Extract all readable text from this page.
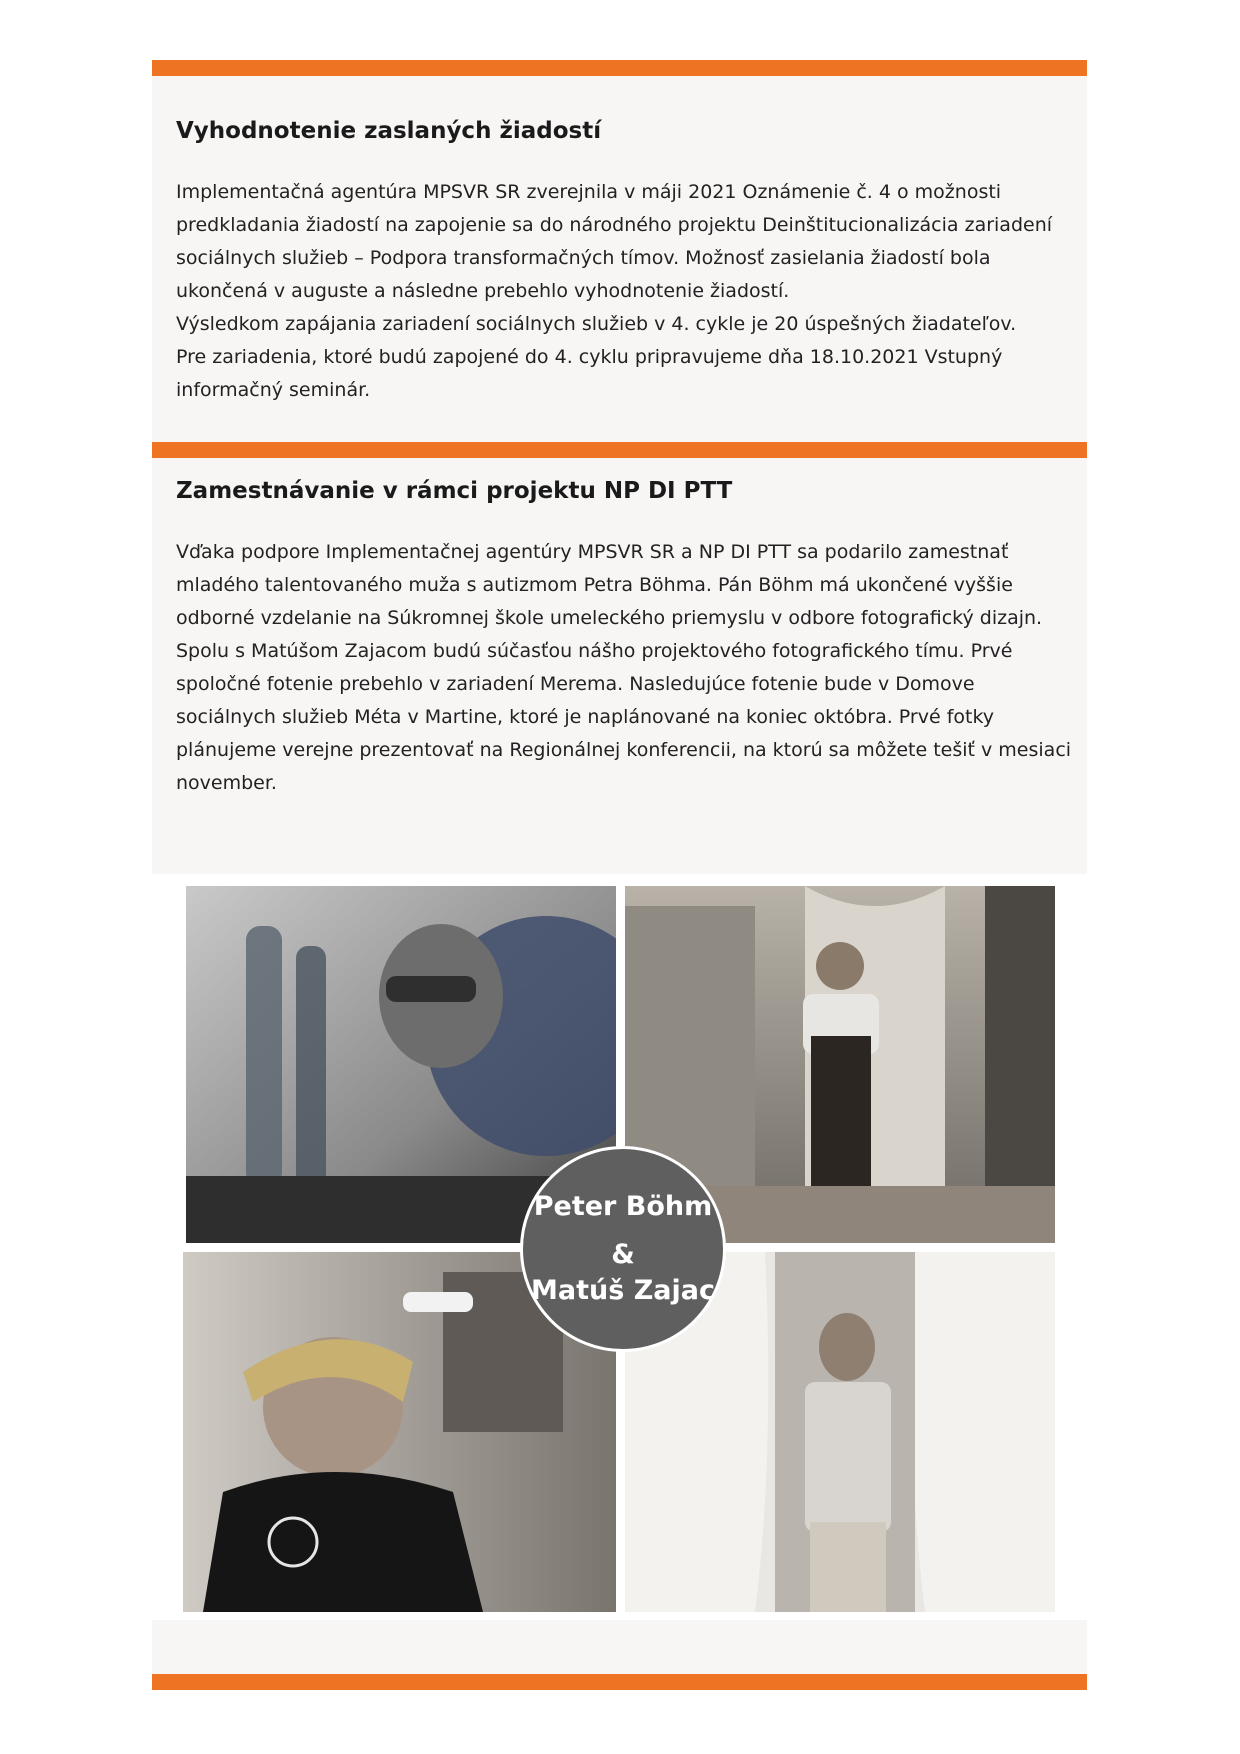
Vyhodnotenie zaslaných žiadostí

Implementačná agentúra MPSVR SR zverejnila v máji 2021 Oznámenie č. 4 o možnosti predkladania žiadostí na zapojenie sa do národného projektu Deinštitucionalizácia zariadení sociálnych služieb – Podpora transformačných tímov. Možnosť zasielania žiadostí bola ukončená v auguste a následne prebehlo vyhodnotenie žiadostí.

Výsledkom zapájania zariadení sociálnych služieb v 4. cykle je 20 úspešných žiadateľov.

Pre zariadenia, ktoré budú zapojené do 4. cyklu pripravujeme dňa 18.10.2021 Vstupný informačný seminár.

Zamestnávanie v rámci projektu NP DI PTT

Vďaka podpore Implementačnej agentúry MPSVR SR a NP DI PTT sa podarilo zamestnať mladého talentovaného muža s autizmom Petra Böhma. Pán Böhm má ukončené vyššie odborné vzdelanie na Súkromnej škole umeleckého priemyslu v odbore fotografický dizajn.

Spolu s Matúšom Zajacom budú súčasťou nášho projektového fotografického tímu. Prvé spoločné fotenie prebehlo v zariadení Merema. Nasledujúce fotenie bude v Domove sociálnych služieb Méta v Martine, ktoré je naplánované na koniec októbra. Prvé fotky plánujeme verejne prezentovať na Regionálnej konferencii, na ktorú sa môžete tešiť v mesiaci november.

Peter Böhm
&
Matúš Zajac
